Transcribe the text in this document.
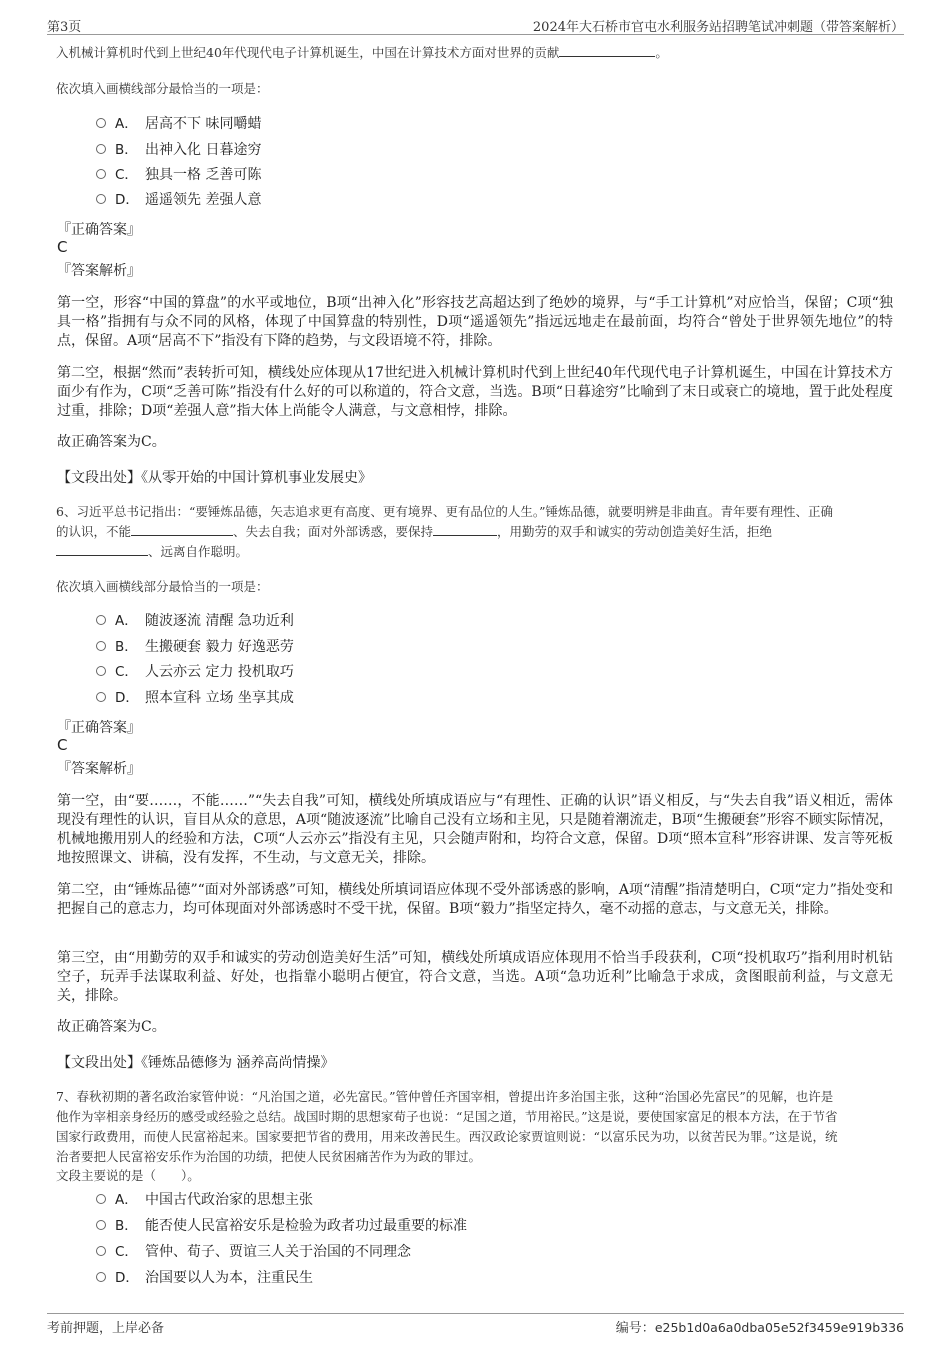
第3页	2024年大石桥市官屯水利服务站招聘笔试冲刺题（带答案解析）
入机械计算机时代到上世纪40年代现代电子计算机诞生，中国在计算技术方面对世界的贡献	。
依次填入画横线部分最恰当的一项是：
A． 居高不下 味同嚼蜡
B． 出神入化 日暮途穷
C． 独具一格 乏善可陈
D． 遥遥领先 差强人意
『正确答案』
C
『答案解析』
第一空，形容“中国的算盘”的水平或地位，B项“出神入化”形容技艺高超达到了绝妙的境界，与“手工计算机”对应恰当，保留；C项“独具一格”指拥有与众不同的风格，体现了中国算盘的特别性，D项“遥遥领先”指远远地走在最前面，均符合“曾处于世界领先地位”的特点，保留。A项“居高不下”指没有下降的趋势，与文段语境不符，排除。
第二空，根据“然而”表转折可知，横线处应体现从17世纪进入机械计算机时代到上世纪40年代现代电子计算机诞生，中国在计算技术方面少有作为，C项“乏善可陈”指没有什么好的可以称道的，符合文意，当选。B项“日暮途穷”比喻到了末日或衰亡的境地，置于此处程度过重，排除；D项“差强人意”指大体上尚能令人满意，与文意相悖，排除。
故正确答案为C。
【文段出处】《从零开始的中国计算机事业发展史》
6、习近平总书记指出：“要锤炼品德，矢志追求更有高度、更有境界、更有品位的人生。”锤炼品德，就要明辨是非曲直。青年要有理性、正确
的认识，不能	、失去自我；面对外部诱惑，要保持	，用勤劳的双手和诚实的劳动创造美好生活，拒绝
、远离自作聪明。
依次填入画横线部分最恰当的一项是：
A． 随波逐流 清醒 急功近利
B． 生搬硬套 毅力 好逸恶劳
C． 人云亦云 定力 投机取巧
D． 照本宣科 立场 坐享其成
『正确答案』
C
『答案解析』
第一空，由“要……，不能……”“失去自我”可知，横线处所填成语应与“有理性、正确的认识”语义相反，与“失去自我”语义相近，需体现没有理性的认识，盲目从众的意思，A项“随波逐流”比喻自己没有立场和主见，只是随着潮流走，B项“生搬硬套”形容不顾实际情况，机械地搬用别人的经验和方法，C项“人云亦云”指没有主见，只会随声附和，均符合文意，保留。D项“照本宣科”形容讲课、发言等死板地按照课文、讲稿，没有发挥，不生动，与文意无关，排除。
第二空，由“锤炼品德”“面对外部诱惑”可知，横线处所填词语应体现不受外部诱惑的影响，A项“清醒”指清楚明白，C项“定力”指处变和把握自己的意志力，均可体现面对外部诱惑时不受干扰，保留。B项“毅力”指坚定持久，毫不动摇的意志，与文意无关，排除。
第三空，由“用勤劳的双手和诚实的劳动创造美好生活”可知，横线处所填成语应体现用不恰当手段获利，C项“投机取巧”指利用时机钻空子，玩弄手法谋取利益、好处，也指靠小聪明占便宜，符合文意，当选。A项“急功近利”比喻急于求成，贪图眼前利益，与文意无关，排除。
故正确答案为C。
【文段出处】《锤炼品德修为 涵养高尚情操》
7、春秋初期的著名政治家管仲说：“凡治国之道，必先富民。”管仲曾任齐国宰相，曾提出许多治国主张，这种“治国必先富民”的见解，也许是
他作为宰相亲身经历的感受或经验之总结。战国时期的思想家荀子也说：“足国之道，节用裕民。”这是说，要使国家富足的根本方法，在于节省
国家行政费用，而使人民富裕起来。国家要把节省的费用，用来改善民生。西汉政论家贾谊则说：“以富乐民为功，以贫苦民为罪。”这是说，统
治者要把人民富裕安乐作为治国的功绩，把使人民贫困痛苦作为为政的罪过。
文段主要说的是（　　）。
A． 中国古代政治家的思想主张
B． 能否使人民富裕安乐是检验为政者功过最重要的标准
C． 管仲、荀子、贾谊三人关于治国的不同理念
D． 治国要以人为本，注重民生
考前押题，上岸必备	编号：e25b1d0a6a0dba05e52f3459e919b336
